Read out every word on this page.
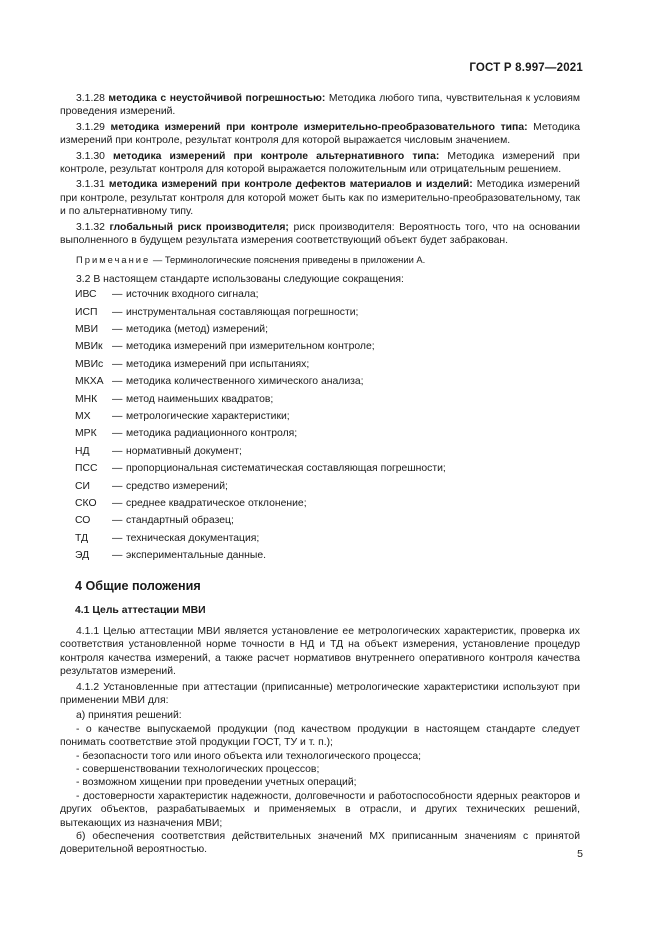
ГОСТ Р 8.997—2021

3.1.28 методика с неустойчивой погрешностью: Методика любого типа, чувствительная к условиям проведения измерений.

3.1.29 методика измерений при контроле измерительно-преобразовательного типа: Методика измерений при контроле, результат контроля для которой выражается числовым значением.

3.1.30 методика измерений при контроле альтернативного типа: Методика измерений при контроле, результат контроля для которой выражается положительным или отрицательным решением.

3.1.31 методика измерений при контроле дефектов материалов и изделий: Методика измерений при контроле, результат контроля для которой может быть как по измерительно-преобразовательному, так и по альтернативному типу.

3.1.32 глобальный риск производителя; риск производителя: Вероятность того, что на основании выполненного в будущем результата измерения соответствующий объект будет забракован.

Примечание — Терминологические пояснения приведены в приложении А.

3.2 В настоящем стандарте использованы следующие сокращения:

ИВС	—	источник входного сигнала;
ИСП	—	инструментальная составляющая погрешности;
МВИ	—	методика (метод) измерений;
МВИк	—	методика измерений при измерительном контроле;
МВИс	—	методика измерений при испытаниях;
МКХА	—	методика количественного химического анализа;
МНК	—	метод наименьших квадратов;
МХ	—	метрологические характеристики;
МРК	—	методика радиационного контроля;
НД	—	нормативный документ;
ПСС	—	пропорциональная систематическая составляющая погрешности;
СИ	—	средство измерений;
СКО	—	среднее квадратическое отклонение;
СО	—	стандартный образец;
ТД	—	техническая документация;
ЭД	—	экспериментальные данные.
4 Общие положения
4.1 Цель аттестации МВИ

4.1.1 Целью аттестации МВИ является установление ее метрологических характеристик, проверка их соответствия установленной норме точности в НД и ТД на объект измерения, установление процедур контроля качества измерений, а также расчет нормативов внутреннего оперативного контроля качества результатов измерений.

4.1.2 Установленные при аттестации (приписанные) метрологические характеристики используют при применении МВИ для:

а) принятия решений:

- о качестве выпускаемой продукции (под качеством продукции в настоящем стандарте следует понимать соответствие этой продукции ГОСТ, ТУ и т. п.);

- безопасности того или иного объекта или технологического процесса;

- совершенствовании технологических процессов;

- возможном хищении при проведении учетных операций;

- достоверности характеристик надежности, долговечности и работоспособности ядерных реакторов и других объектов, разрабатываемых и применяемых в отрасли, и других технических решений, вытекающих из назначения МВИ;

б) обеспечения соответствия действительных значений МХ приписанным значениям с принятой доверительной вероятностью.	5
